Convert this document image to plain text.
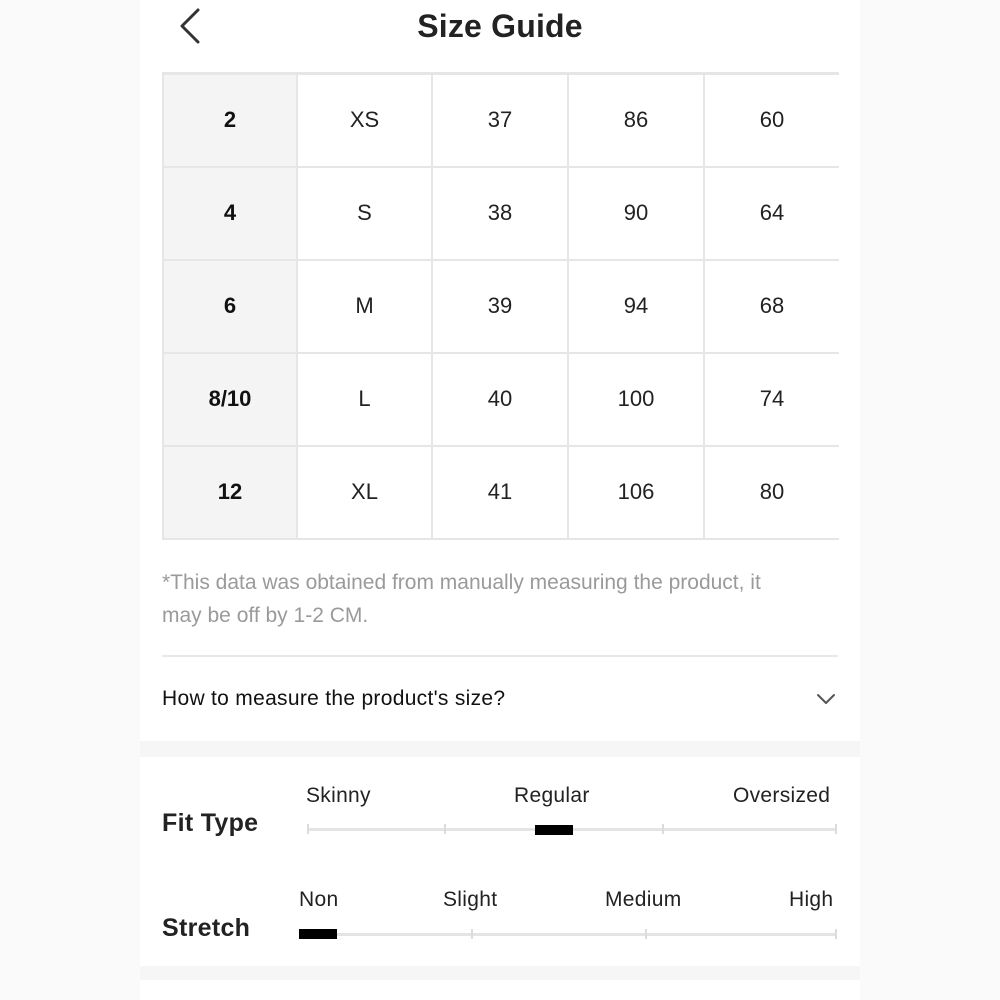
Size Guide
2	XS	37	86	60
4	S	38	90	64
6	M	39	94	68
8/10	L	40	100	74
12	XL	41	106	80
*This data was obtained from manually measuring the product, it may be off by 1-2 CM.
How to measure the product's size?
Fit Type
Skinny	Regular	Oversized
Stretch
Non	Slight	Medium	High
